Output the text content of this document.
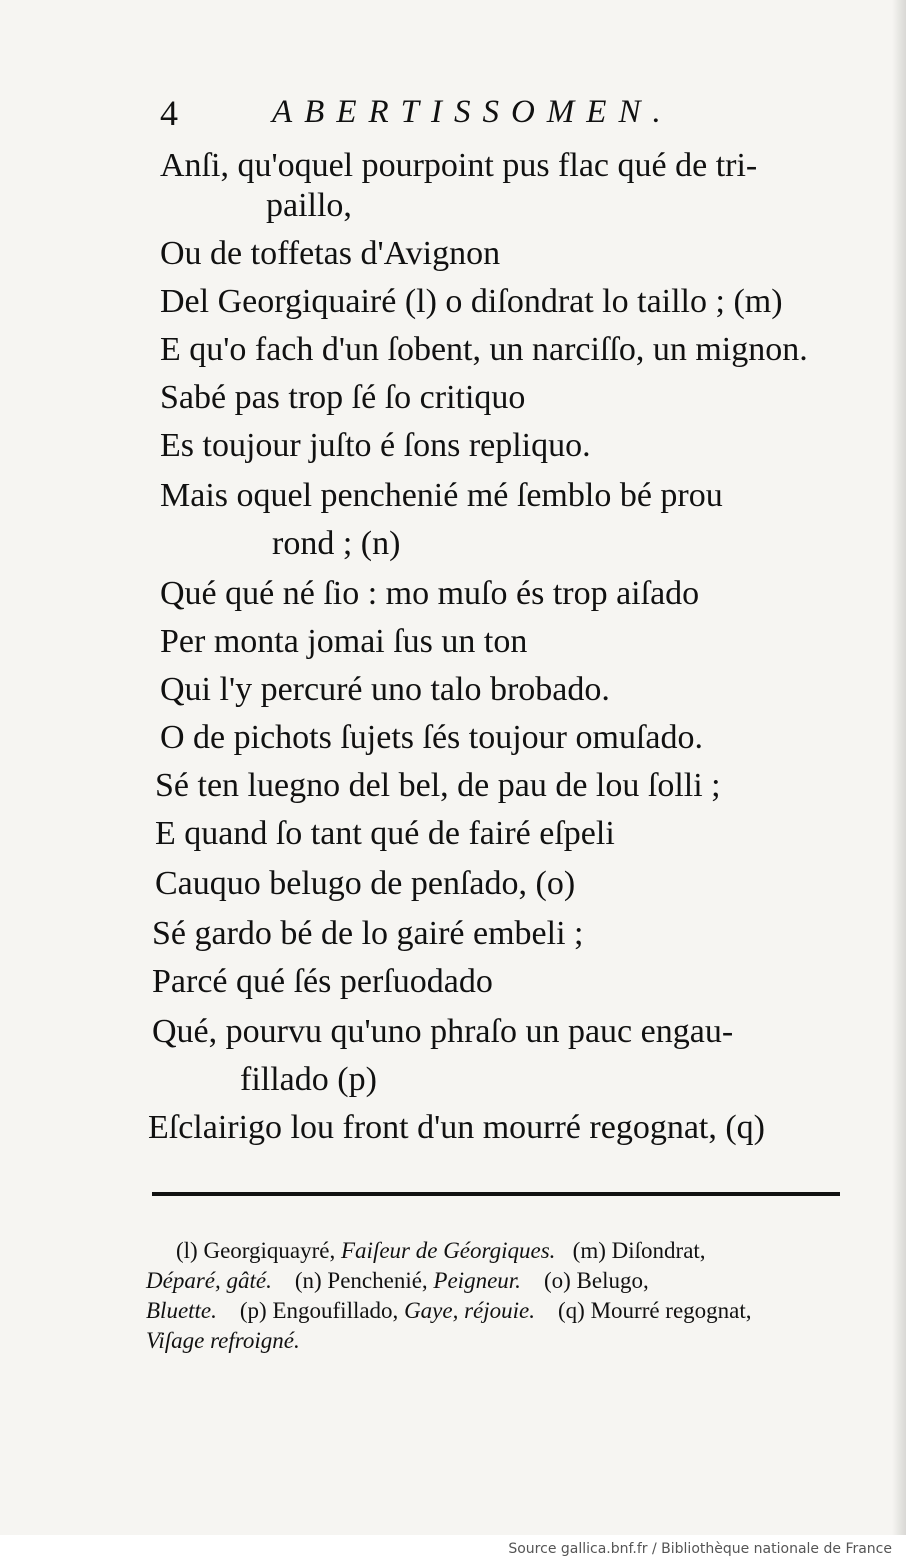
4	ABERTISSOMEN.
Anſi, qu'oquel pourpoint pus flac qué de tri-
paillo,
Ou de toffetas d'Avignon
Del Georgiquairé (l) o diſondrat lo taillo ; (m)
E qu'o fach d'un ſobent, un narciſſo, un mignon.
Sabé pas trop ſé ſo critiquo
Es toujour juſto é ſons repliquo.
Mais oquel penchenié mé ſemblo bé prou
rond ; (n)
Qué qué né ſio : mo muſo és trop aiſado
Per monta jomai ſus un ton
Qui l'y percuré uno talo brobado.
O de pichots ſujets ſés toujour omuſado.
Sé ten luegno del bel, de pau de lou ſolli ;
E quand ſo tant qué de fairé eſpeli
Cauquo belugo de penſado, (o)
Sé gardo bé de lo gairé embeli ;
Parcé qué ſés perſuodado
Qué, pourvu qu'uno phraſo un pauc engau-
fillado (p)
Eſclairigo lou front d'un mourré regognat, (q)
(l) Georgiquayré, Faiſeur de Géorgiques. (m) Diſondrat,
Déparé, gâté. (n) Penchenié, Peigneur. (o) Belugo,
Bluette. (p) Engoufillado, Gaye, réjouie. (q) Mourré regognat,
Viſage refroigné.
Source gallica.bnf.fr / Bibliothèque nationale de France
